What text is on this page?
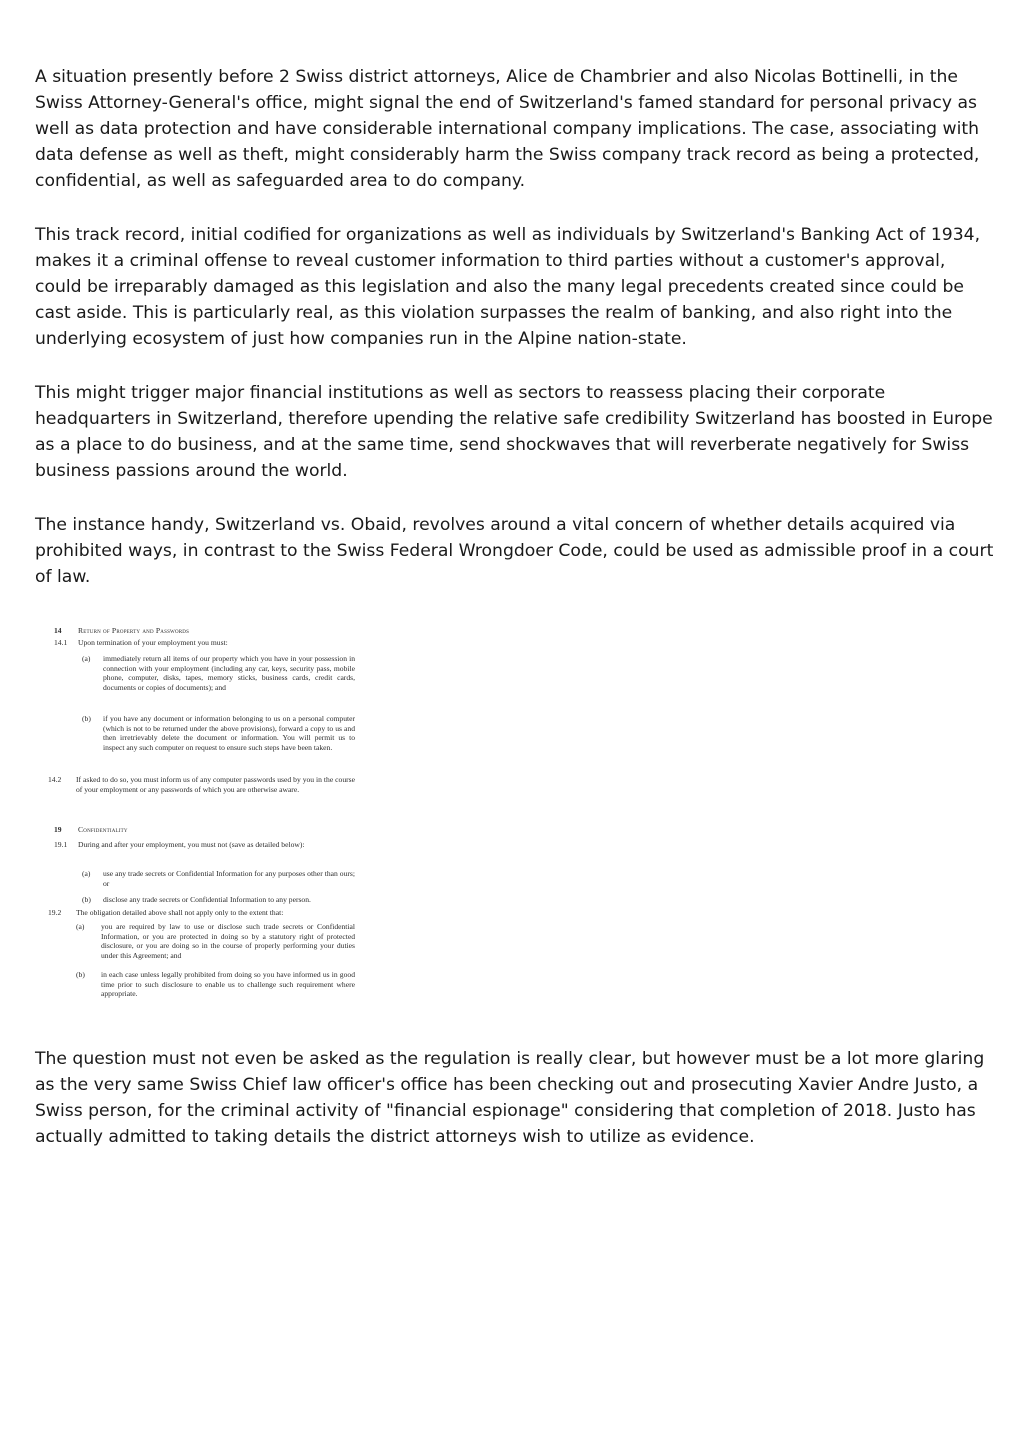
A situation presently before 2 Swiss district attorneys, Alice de Chambrier and also Nicolas Bottinelli, in the Swiss Attorney-General's office, might signal the end of Switzerland's famed standard for personal privacy as well as data protection and have considerable international company implications. The case, associating with data defense as well as theft, might considerably harm the Swiss company track record as being a protected, confidential, as well as safeguarded area to do company.

This track record, initial codified for organizations as well as individuals by Switzerland's Banking Act of 1934, makes it a criminal offense to reveal customer information to third parties without a customer's approval, could be irreparably damaged as this legislation and also the many legal precedents created since could be cast aside. This is particularly real, as this violation surpasses the realm of banking, and also right into the underlying ecosystem of just how companies run in the Alpine nation-state.

This might trigger major financial institutions as well as sectors to reassess placing their corporate headquarters in Switzerland, therefore upending the relative safe credibility Switzerland has boosted in Europe as a place to do business, and at the same time, send shockwaves that will reverberate negatively for Swiss business passions around the world.

The instance handy, Switzerland vs. Obaid, revolves around a vital concern of whether details acquired via prohibited ways, in contrast to the Swiss Federal Wrongdoer Code, could be used as admissible proof in a court of law.

14 Return of Property and Passwords
14.1 Upon termination of your employment you must:
(a) immediately return all items of our property which you have in your possession in connection with your employment (including any car, keys, security pass, mobile phone, computer, disks, tapes, memory sticks, business cards, credit cards, documents or copies of documents); and
(b) if you have any document or information belonging to us on a personal computer (which is not to be returned under the above provisions), forward a copy to us and then irretrievably delete the document or information. You will permit us to inspect any such computer on request to ensure such steps have been taken.
14.2 If asked to do so, you must inform us of any computer passwords used by you in the course of your employment or any passwords of which you are otherwise aware.
19 Confidentiality
19.1 During and after your employment, you must not (save as detailed below):
(a) use any trade secrets or Confidential Information for any purposes other than ours; or
(b) disclose any trade secrets or Confidential Information to any person.
19.2 The obligation detailed above shall not apply only to the extent that:
(a) you are required by law to use or disclose such trade secrets or Confidential Information, or you are protected in doing so by a statutory right of protected disclosure, or you are doing so in the course of properly performing your duties under this Agreement; and
(b) in each case unless legally prohibited from doing so you have informed us in good time prior to such disclosure to enable us to challenge such requirement where appropriate.

The question must not even be asked as the regulation is really clear, but however must be a lot more glaring as the very same Swiss Chief law officer's office has been checking out and prosecuting Xavier Andre Justo, a Swiss person, for the criminal activity of "financial espionage" considering that completion of 2018. Justo has actually admitted to taking details the district attorneys wish to utilize as evidence.
